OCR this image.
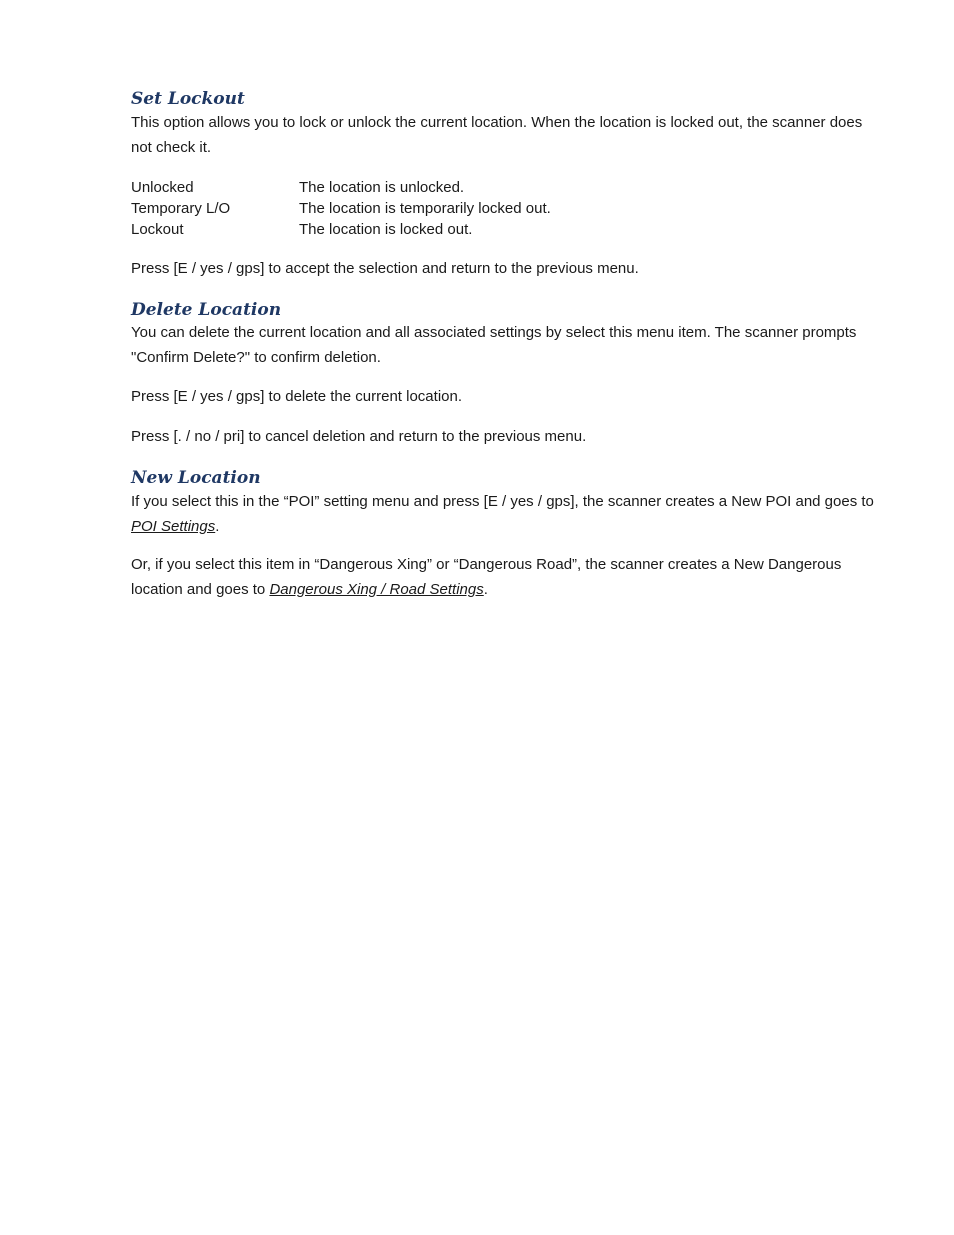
Set Lockout

This option allows you to lock or unlock the current location. When the location is locked out, the scanner does not check it.

Unlocked	The location is unlocked.
Temporary L/O	The location is temporarily locked out.
Lockout	The location is locked out.

Press [E / yes / gps] to accept the selection and return to the previous menu.

Delete Location

You can delete the current location and all associated settings by select this menu item. The scanner prompts "Confirm Delete?" to confirm deletion.

Press [E / yes / gps] to delete the current location.

Press [. / no / pri] to cancel deletion and return to the previous menu.

New Location

If you select this in the “POI” setting menu and press [E / yes / gps], the scanner creates a New POI and goes to POI Settings.

Or, if you select this item in “Dangerous Xing” or “Dangerous Road”, the scanner creates a New Dangerous location and goes to Dangerous Xing / Road Settings.
